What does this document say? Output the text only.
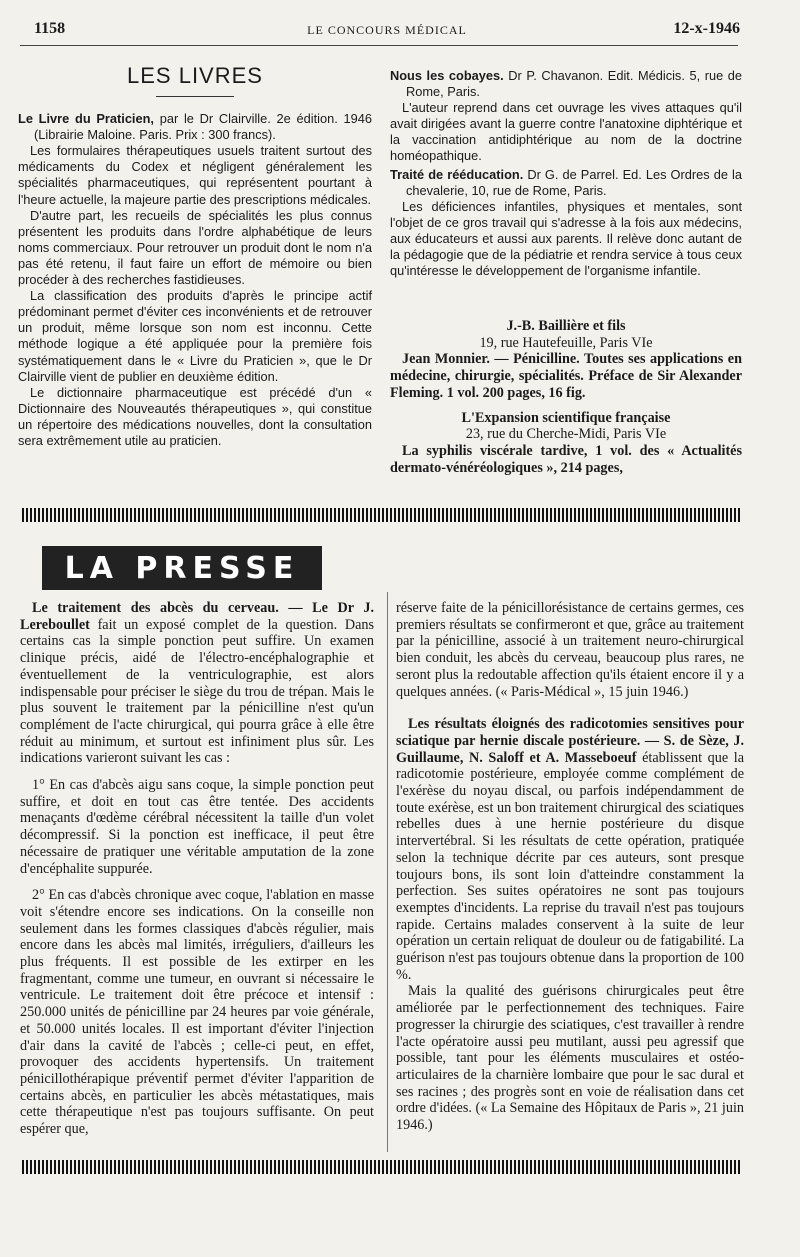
1158	LE CONCOURS MÉDICAL	12-x-1946
LES LIVRES

Le Livre du Praticien, par le Dr Clairville. 2e édition. 1946 (Librairie Maloine. Paris. Prix : 300 francs).

Les formulaires thérapeutiques usuels traitent surtout des médicaments du Codex et négligent généralement les spécialités pharmaceutiques, qui représentent pourtant à l'heure actuelle, la majeure partie des prescriptions médicales.

D'autre part, les recueils de spécialités les plus connus présentent les produits dans l'ordre alphabétique de leurs noms commerciaux. Pour retrouver un produit dont le nom n'a pas été retenu, il faut faire un effort de mémoire ou bien procéder à des recherches fastidieuses.

La classification des produits d'après le principe actif prédominant permet d'éviter ces inconvénients et de retrouver un produit, même lorsque son nom est inconnu. Cette méthode logique a été appliquée pour la première fois systématiquement dans le « Livre du Praticien », que le Dr Clairville vient de publier en deuxième édition.

Le dictionnaire pharmaceutique est précédé d'un « Dictionnaire des Nouveautés thérapeutiques », qui constitue un répertoire des médications nouvelles, dont la consultation sera extrêmement utile au praticien.

Nous les cobayes. Dr P. Chavanon. Edit. Médicis. 5, rue de Rome, Paris.

L'auteur reprend dans cet ouvrage les vives attaques qu'il avait dirigées avant la guerre contre l'anatoxine diphtérique et la vaccination antidiphtérique au nom de la doctrine homéopathique.

Traité de rééducation. Dr G. de Parrel. Ed. Les Ordres de la chevalerie, 10, rue de Rome, Paris.

Les déficiences infantiles, physiques et mentales, sont l'objet de ce gros travail qui s'adresse à la fois aux médecins, aux éducateurs et aussi aux parents. Il relève donc autant de la pédagogie que de la pédiatrie et rendra service à tous ceux qu'intéresse le développement de l'organisme infantile.

J.-B. Baillière et fils

19, rue Hautefeuille, Paris VIe

Jean Monnier. — Pénicilline. Toutes ses applications en médecine, chirurgie, spécialités. Préface de Sir Alexander Fleming. 1 vol. 200 pages, 16 fig.

L'Expansion scientifique française

23, rue du Cherche-Midi, Paris VIe

La syphilis viscérale tardive, 1 vol. des « Actualités dermato-vénéréologiques », 214 pages,

LA PRESSE

Le traitement des abcès du cerveau. — Le Dr J. Lereboullet fait un exposé complet de la question. Dans certains cas la simple ponction peut suffire. Un examen clinique précis, aidé de l'électro-encéphalographie et éventuellement de la ventriculographie, est alors indispensable pour préciser le siège du trou de trépan. Mais le plus souvent le traitement par la pénicilline n'est qu'un complément de l'acte chirurgical, qui pourra grâce à elle être réduit au minimum, et surtout est infiniment plus sûr. Les indications varieront suivant les cas :

1° En cas d'abcès aigu sans coque, la simple ponction peut suffire, et doit en tout cas être tentée. Des accidents menaçants d'œdème cérébral nécessitent la taille d'un volet décompressif. Si la ponction est inefficace, il peut être nécessaire de pratiquer une véritable amputation de la zone d'encéphalite suppurée.

2° En cas d'abcès chronique avec coque, l'ablation en masse voit s'étendre encore ses indications. On la conseille non seulement dans les formes classiques d'abcès régulier, mais encore dans les abcès mal limités, irréguliers, d'ailleurs les plus fréquents. Il est possible de les extirper en les fragmentant, comme une tumeur, en ouvrant si nécessaire le ventricule. Le traitement doit être précoce et intensif : 250.000 unités de pénicilline par 24 heures par voie générale, et 50.000 unités locales. Il est important d'éviter l'injection d'air dans la cavité de l'abcès ; celle-ci peut, en effet, provoquer des accidents hypertensifs. Un traitement pénicillothérapique préventif permet d'éviter l'apparition de certains abcès, en particulier les abcès métastatiques, mais cette thérapeutique n'est pas toujours suffisante. On peut espérer que,

réserve faite de la pénicillorésistance de certains germes, ces premiers résultats se confirmeront et que, grâce au traitement par la pénicilline, associé à un traitement neuro-chirurgical bien conduit, les abcès du cerveau, beaucoup plus rares, ne seront plus la redoutable affection qu'ils étaient encore il y a quelques années. (« Paris-Médical », 15 juin 1946.)

Les résultats éloignés des radicotomies sensitives pour sciatique par hernie discale postérieure. — S. de Sèze, J. Guillaume, N. Saloff et A. Masseboeuf établissent que la radicotomie postérieure, employée comme complément de l'exérèse du noyau discal, ou parfois indépendamment de toute exérèse, est un bon traitement chirurgical des sciatiques rebelles dues à une hernie postérieure du disque intervertébral. Si les résultats de cette opération, pratiquée selon la technique décrite par ces auteurs, sont presque toujours bons, ils sont loin d'atteindre constamment la perfection. Ses suites opératoires ne sont pas toujours exemptes d'incidents. La reprise du travail n'est pas toujours rapide. Certains malades conservent à la suite de leur opération un certain reliquat de douleur ou de fatigabilité. La guérison n'est pas toujours obtenue dans la proportion de 100 %.

Mais la qualité des guérisons chirurgicales peut être améliorée par le perfectionnement des techniques. Faire progresser la chirurgie des sciatiques, c'est travailler à rendre l'acte opératoire aussi peu mutilant, aussi peu agressif que possible, tant pour les éléments musculaires et ostéo-articulaires de la charnière lombaire que pour le sac dural et ses racines ; des progrès sont en voie de réalisation dans cet ordre d'idées. (« La Semaine des Hôpitaux de Paris », 21 juin 1946.)
